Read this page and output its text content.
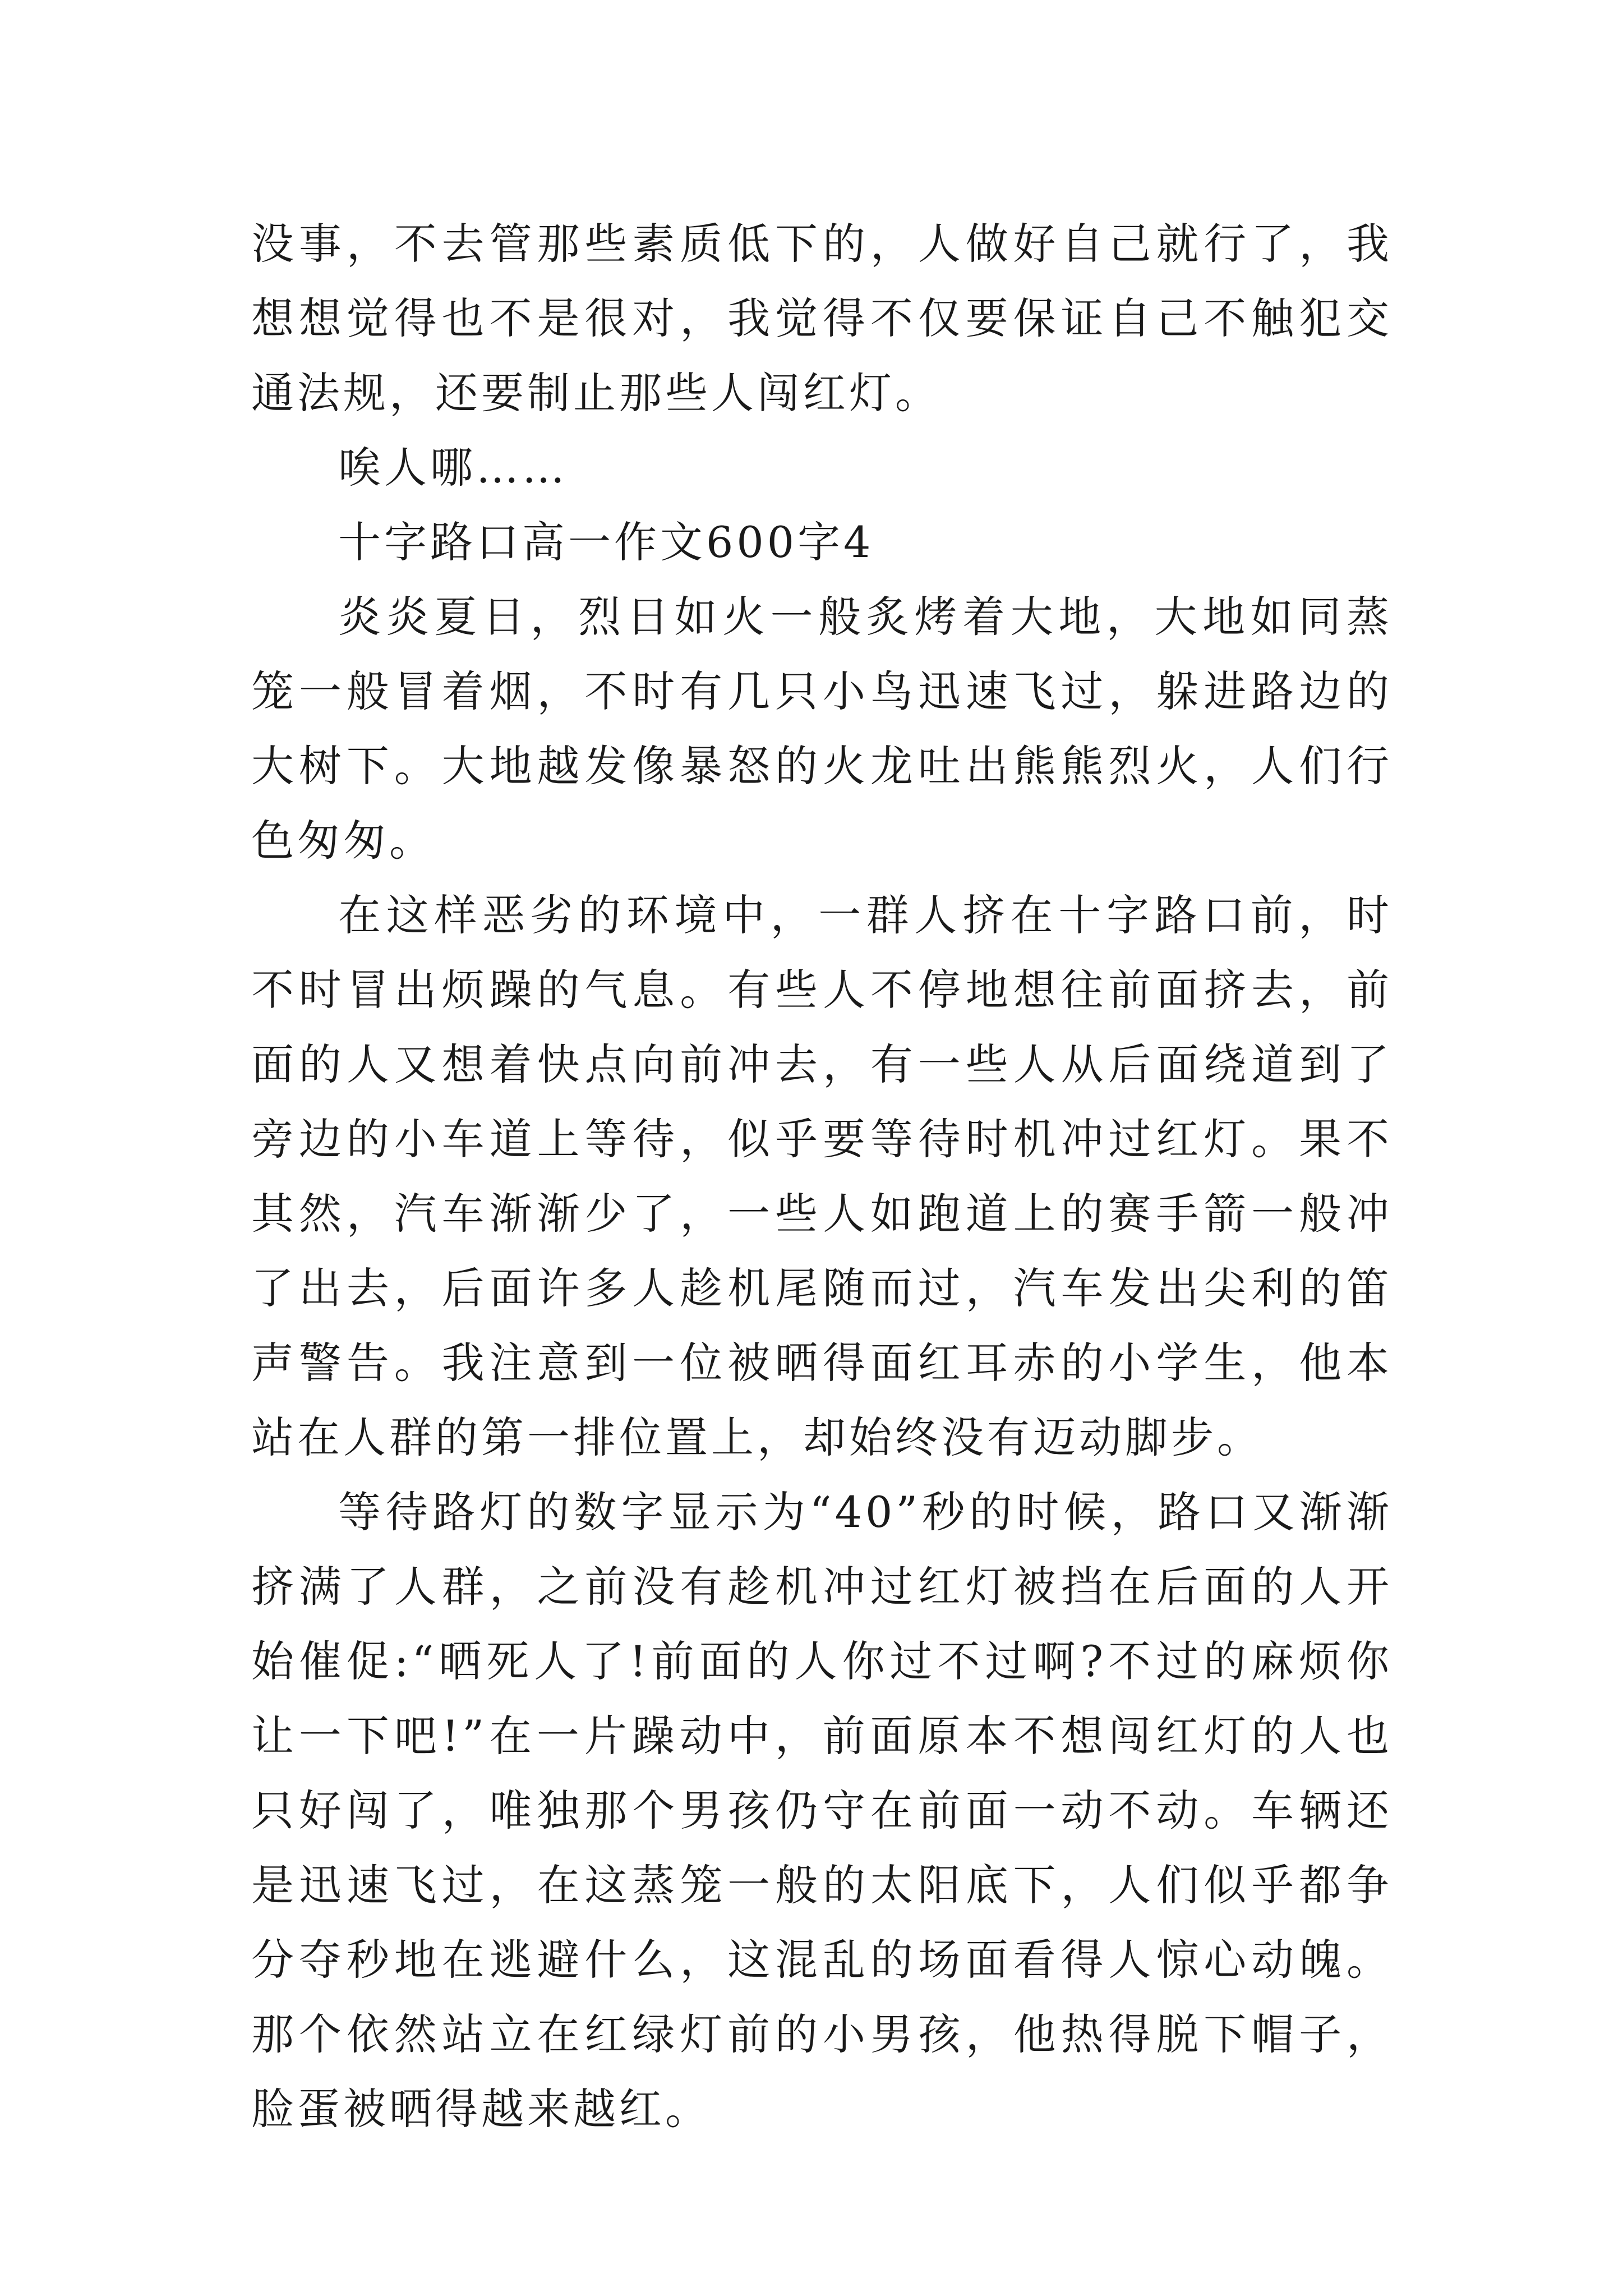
没事，不去管那些素质低下的，人做好自己就行了，我想想觉得也不是很对，我觉得不仅要保证自己不触犯交通法规，还要制止那些人闯红灯。

唉人哪……

十字路口高一作文600字4

炎炎夏日，烈日如火一般炙烤着大地，大地如同蒸笼一般冒着烟，不时有几只小鸟迅速飞过，躲进路边的大树下。大地越发像暴怒的火龙吐出熊熊烈火，人们行色匆匆。

在这样恶劣的环境中，一群人挤在十字路口前，时不时冒出烦躁的气息。有些人不停地想往前面挤去，前面的人又想着快点向前冲去，有一些人从后面绕道到了旁边的小车道上等待，似乎要等待时机冲过红灯。果不其然，汽车渐渐少了，一些人如跑道上的赛手箭一般冲了出去，后面许多人趁机尾随而过，汽车发出尖利的笛声警告。我注意到一位被晒得面红耳赤的小学生，他本站在人群的第一排位置上，却始终没有迈动脚步。

等待路灯的数字显示为“40”秒的时候，路口又渐渐挤满了人群，之前没有趁机冲过红灯被挡在后面的人开始催促:“晒死人了!前面的人你过不过啊?不过的麻烦你让一下吧!”在一片躁动中，前面原本不想闯红灯的人也只好闯了，唯独那个男孩仍守在前面一动不动。车辆还是迅速飞过，在这蒸笼一般的太阳底下，人们似乎都争分夺秒地在逃避什么，这混乱的场面看得人惊心动魄。那个依然站立在红绿灯前的小男孩，他热得脱下帽子，脸蛋被晒得越来越红。
